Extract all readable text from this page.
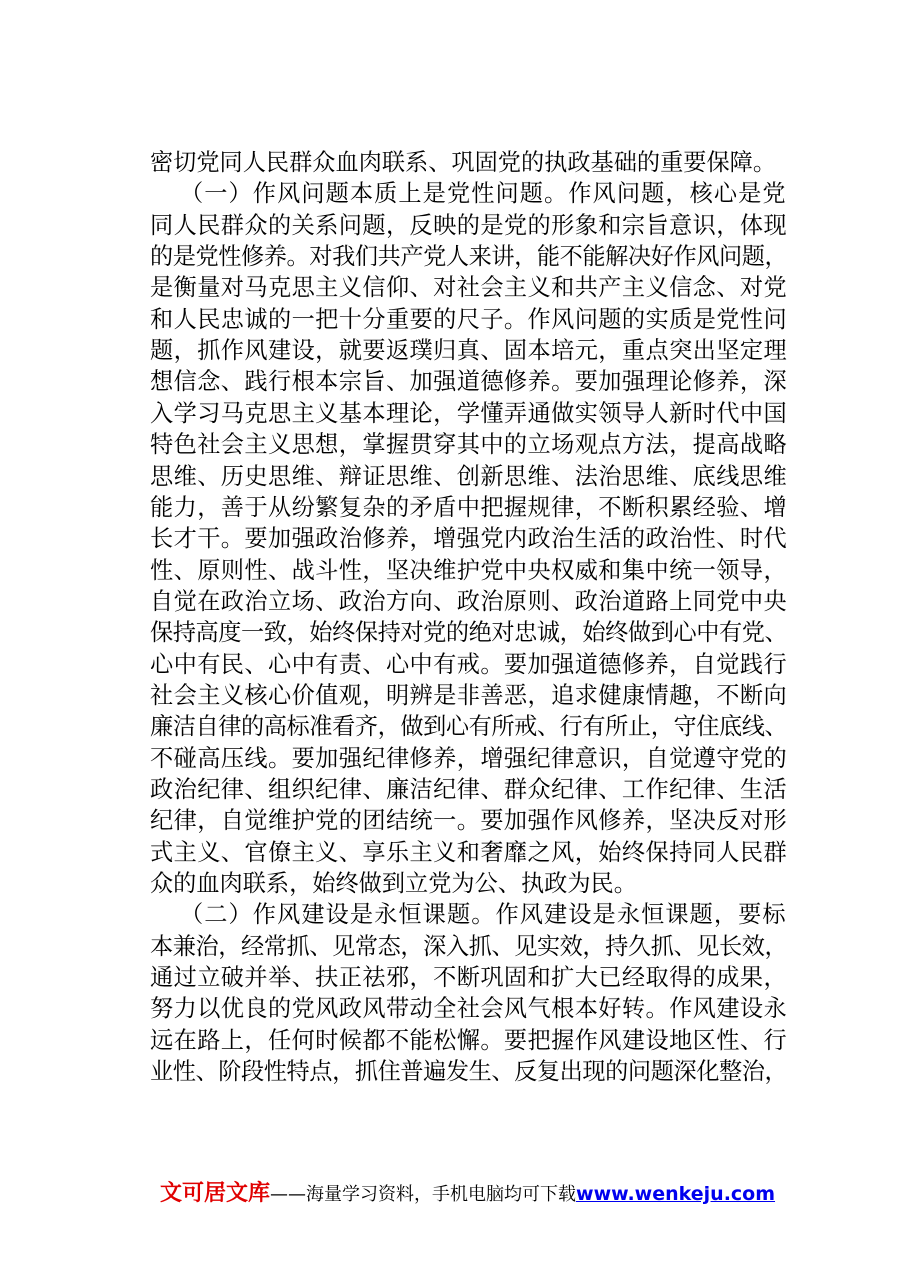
密切党同人民群众血肉联系、巩固党的执政基础的重要保障。
（一）作风问题本质上是党性问题。作风问题，核心是党
同人民群众的关系问题，反映的是党的形象和宗旨意识，体现
的是党性修养。对我们共产党人来讲，能不能解决好作风问题，
是衡量对马克思主义信仰、对社会主义和共产主义信念、对党
和人民忠诚的一把十分重要的尺子。作风问题的实质是党性问
题，抓作风建设，就要返璞归真、固本培元，重点突出坚定理
想信念、践行根本宗旨、加强道德修养。要加强理论修养，深
入学习马克思主义基本理论，学懂弄通做实领导人新时代中国
特色社会主义思想，掌握贯穿其中的立场观点方法，提高战略
思维、历史思维、辩证思维、创新思维、法治思维、底线思维
能力，善于从纷繁复杂的矛盾中把握规律，不断积累经验、增
长才干。要加强政治修养，增强党内政治生活的政治性、时代
性、原则性、战斗性，坚决维护党中央权威和集中统一领导，
自觉在政治立场、政治方向、政治原则、政治道路上同党中央
保持高度一致，始终保持对党的绝对忠诚，始终做到心中有党、
心中有民、心中有责、心中有戒。要加强道德修养，自觉践行
社会主义核心价值观，明辨是非善恶，追求健康情趣，不断向
廉洁自律的高标准看齐，做到心有所戒、行有所止，守住底线、
不碰高压线。要加强纪律修养，增强纪律意识，自觉遵守党的
政治纪律、组织纪律、廉洁纪律、群众纪律、工作纪律、生活
纪律，自觉维护党的团结统一。要加强作风修养，坚决反对形
式主义、官僚主义、享乐主义和奢靡之风，始终保持同人民群
众的血肉联系，始终做到立党为公、执政为民。
（二）作风建设是永恒课题。作风建设是永恒课题，要标
本兼治，经常抓、见常态，深入抓、见实效，持久抓、见长效，
通过立破并举、扶正祛邪，不断巩固和扩大已经取得的成果，
努力以优良的党风政风带动全社会风气根本好转。作风建设永
远在路上，任何时候都不能松懈。要把握作风建设地区性、行
业性、阶段性特点，抓住普遍发生、反复出现的问题深化整治，
文可居文库——海量学习资料，手机电脑均可下载www.wenkeju.com
